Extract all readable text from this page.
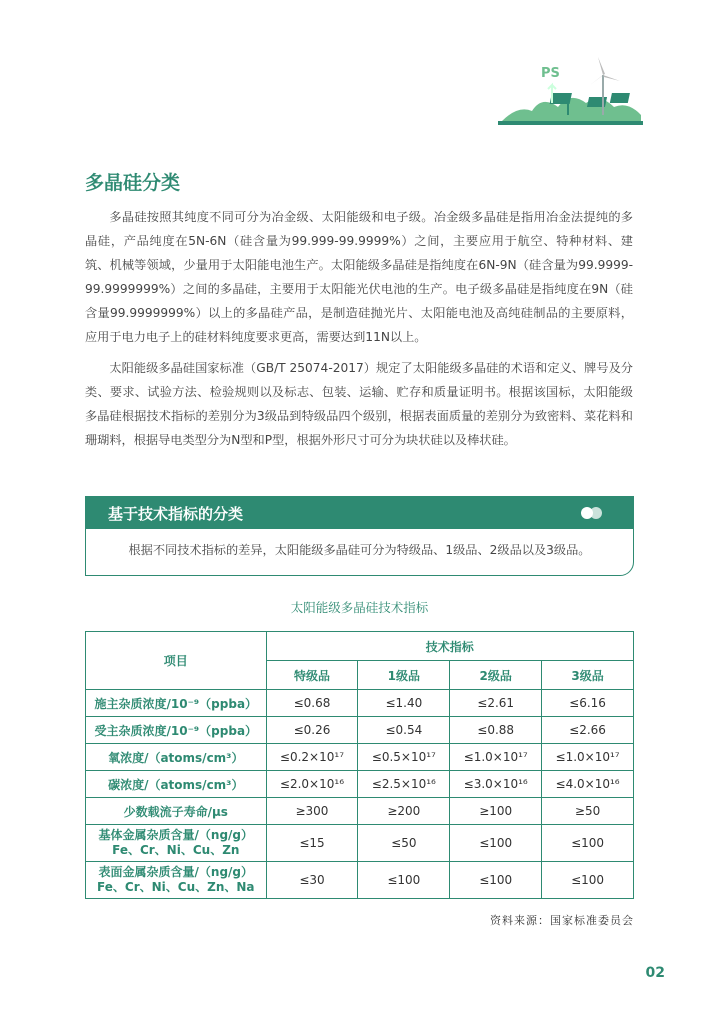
PS
多晶硅分类
多晶硅按照其纯度不同可分为冶金级、太阳能级和电子级。冶金级多晶硅是指用冶金法提纯的多晶硅，产品纯度在5N-6N（硅含量为99.999-99.9999%）之间，主要应用于航空、特种材料、建筑、机械等领域，少量用于太阳能电池生产。太阳能级多晶硅是指纯度在6N-9N（硅含量为99.9999-99.9999999%）之间的多晶硅，主要用于太阳能光伏电池的生产。电子级多晶硅是指纯度在9N（硅含量99.9999999%）以上的多晶硅产品，是制造硅抛光片、太阳能电池及高纯硅制品的主要原料，应用于电力电子上的硅材料纯度要求更高，需要达到11N以上。
太阳能级多晶硅国家标准（GB/T 25074-2017）规定了太阳能级多晶硅的术语和定义、牌号及分类、要求、试验方法、检验规则以及标志、包装、运输、贮存和质量证明书。根据该国标，太阳能级多晶硅根据技术指标的差别分为3级品到特级品四个级别，根据表面质量的差别分为致密料、菜花料和珊瑚料，根据导电类型分为N型和P型，根据外形尺寸可分为块状硅以及棒状硅。
基于技术指标的分类
根据不同技术指标的差异，太阳能级多晶硅可分为特级品、1级品、2级品以及3级品。
太阳能级多晶硅技术指标
项目	技术指标			
	特级品	1级品	2级品	3级品
施主杂质浓度/10⁻⁹（ppba）	≤0.68	≤1.40	≤2.61	≤6.16
受主杂质浓度/10⁻⁹（ppba）	≤0.26	≤0.54	≤0.88	≤2.66
氧浓度/（atoms/cm³）	≤0.2×10¹⁷	≤0.5×10¹⁷	≤1.0×10¹⁷	≤1.0×10¹⁷
碳浓度/（atoms/cm³）	≤2.0×10¹⁶	≤2.5×10¹⁶	≤3.0×10¹⁶	≤4.0×10¹⁶
少数载流子寿命/μs	≥300	≥200	≥100	≥50

基体金属杂质含量/（ng/g）
Fe、Cr、Ni、Cu、Zn	≤15	≤50	≤100	≤100

表面金属杂质含量/（ng/g）
Fe、Cr、Ni、Cu、Zn、Na	≤30	≤100	≤100	≤100
资料来源：国家标准委员会
02
